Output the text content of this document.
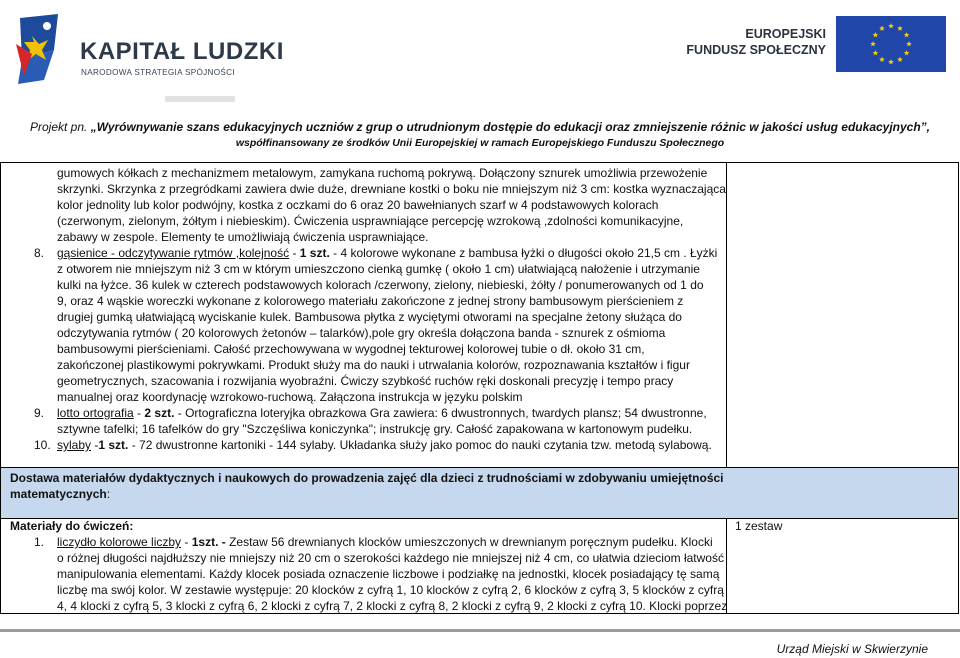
KAPITAŁ LUDZKI
NARODOWA STRATEGIA SPÓJNOŚCI
EUROPEJSKI
FUNDUSZ SPOŁECZNY
Projekt pn. „Wyrównywanie szans edukacyjnych uczniów z grup o utrudnionym dostępie do edukacji oraz zmniejszenie różnic w jakości usług edukacyjnych”,
współfinansowany ze środków Unii Europejskiej w ramach Europejskiego Funduszu Społecznego
gumowych kółkach z mechanizmem metalowym, zamykana ruchomą pokrywą. Dołączony sznurek umożliwia przewożenie
skrzynki. Skrzynka z przegródkami zawiera dwie duże, drewniane kostki o boku nie mniejszym niż 3 cm: kostka wyznaczająca
kolor jednolity lub kolor podwójny, kostka z oczkami do 6 oraz 20 bawełnianych szarf w 4 podstawowych kolorach
(czerwonym, zielonym, żółtym i niebieskim). Ćwiczenia usprawniające percepcję wzrokową ,zdolności komunikacyjne,
zabawy w zespole. Elementy te umożliwiają ćwiczenia usprawniające.
8. gąsienice - odczytywanie rytmów ,kolejność - 1 szt. - 4 kolorowe wykonane z bambusa łyżki o długości około 21,5 cm . Łyżki
z otworem nie mniejszym niż 3 cm w którym umieszczono cienką gumkę ( około 1 cm) ułatwiającą nałożenie i utrzymanie
kulki na łyżce. 36 kulek w czterech podstawowych kolorach /czerwony, zielony, niebieski, żółty / ponumerowanych od 1 do
9, oraz 4 wąskie woreczki wykonane z kolorowego materiału zakończone z jednej strony bambusowym pierścieniem z
drugiej gumką ułatwiającą wyciskanie kulek. Bambusowa płytka z wyciętymi otworami na specjalne żetony służąca do
odczytywania rytmów ( 20 kolorowych żetonów – talarków),pole gry określa dołączona banda - sznurek z ośmioma
bambusowymi pierścieniami. Całość przechowywana w wygodnej tekturowej kolorowej tubie o dł. około 31 cm,
zakończonej plastikowymi pokrywkami. Produkt służy ma do nauki i utrwalania kolorów, rozpoznawania kształtów i figur
geometrycznych, szacowania i rozwijania wyobraźni. Ćwiczy szybkość ruchów ręki doskonali precyzję i tempo pracy
manualnej oraz koordynację wzrokowo-ruchową. Załączona instrukcja w języku polskim
9. lotto ortografia - 2 szt. - Ortograficzna loteryjka obrazkowa Gra zawiera: 6 dwustronnych, twardych plansz; 54 dwustronne,
sztywne tafelki; 16 tafelków do gry "Szczęśliwa koniczynka"; instrukcję gry. Całość zapakowana w kartonowym pudełku.
10. sylaby -1 szt. - 72 dwustronne kartoniki - 144 sylaby. Układanka służy jako pomoc do nauki czytania tzw. metodą sylabową.
Dostawa materiałów dydaktycznych i naukowych do prowadzenia zajęć dla dzieci z trudnościami w zdobywaniu umiejętności
matematycznych:
Materiały do ćwiczeń:	1 zestaw
1. liczydło kolorowe liczby - 1szt. - Zestaw 56 drewnianych klocków umieszczonych w drewnianym poręcznym pudełku. Klocki
o różnej długości najdłuższy nie mniejszy niż 20 cm o szerokości każdego nie mniejszej niż 4 cm, co ułatwia dzieciom łatwość
manipulowania elementami. Każdy klocek posiada oznaczenie liczbowe i podziałkę na jednostki, klocek posiadający tę samą
liczbę ma swój kolor. W zestawie występuje: 20 klocków z cyfrą 1, 10 klocków z cyfrą 2, 6 klocków z cyfrą 3, 5 klocków z cyfrą
4, 4 klocki z cyfrą 5, 3 klocki z cyfrą 6, 2 klocki z cyfrą 7, 2 klocki z cyfrą 8, 2 klocki z cyfrą 9, 2 klocki z cyfrą 10. Klocki poprzez
Urząd Miejski w Skwierzynie
